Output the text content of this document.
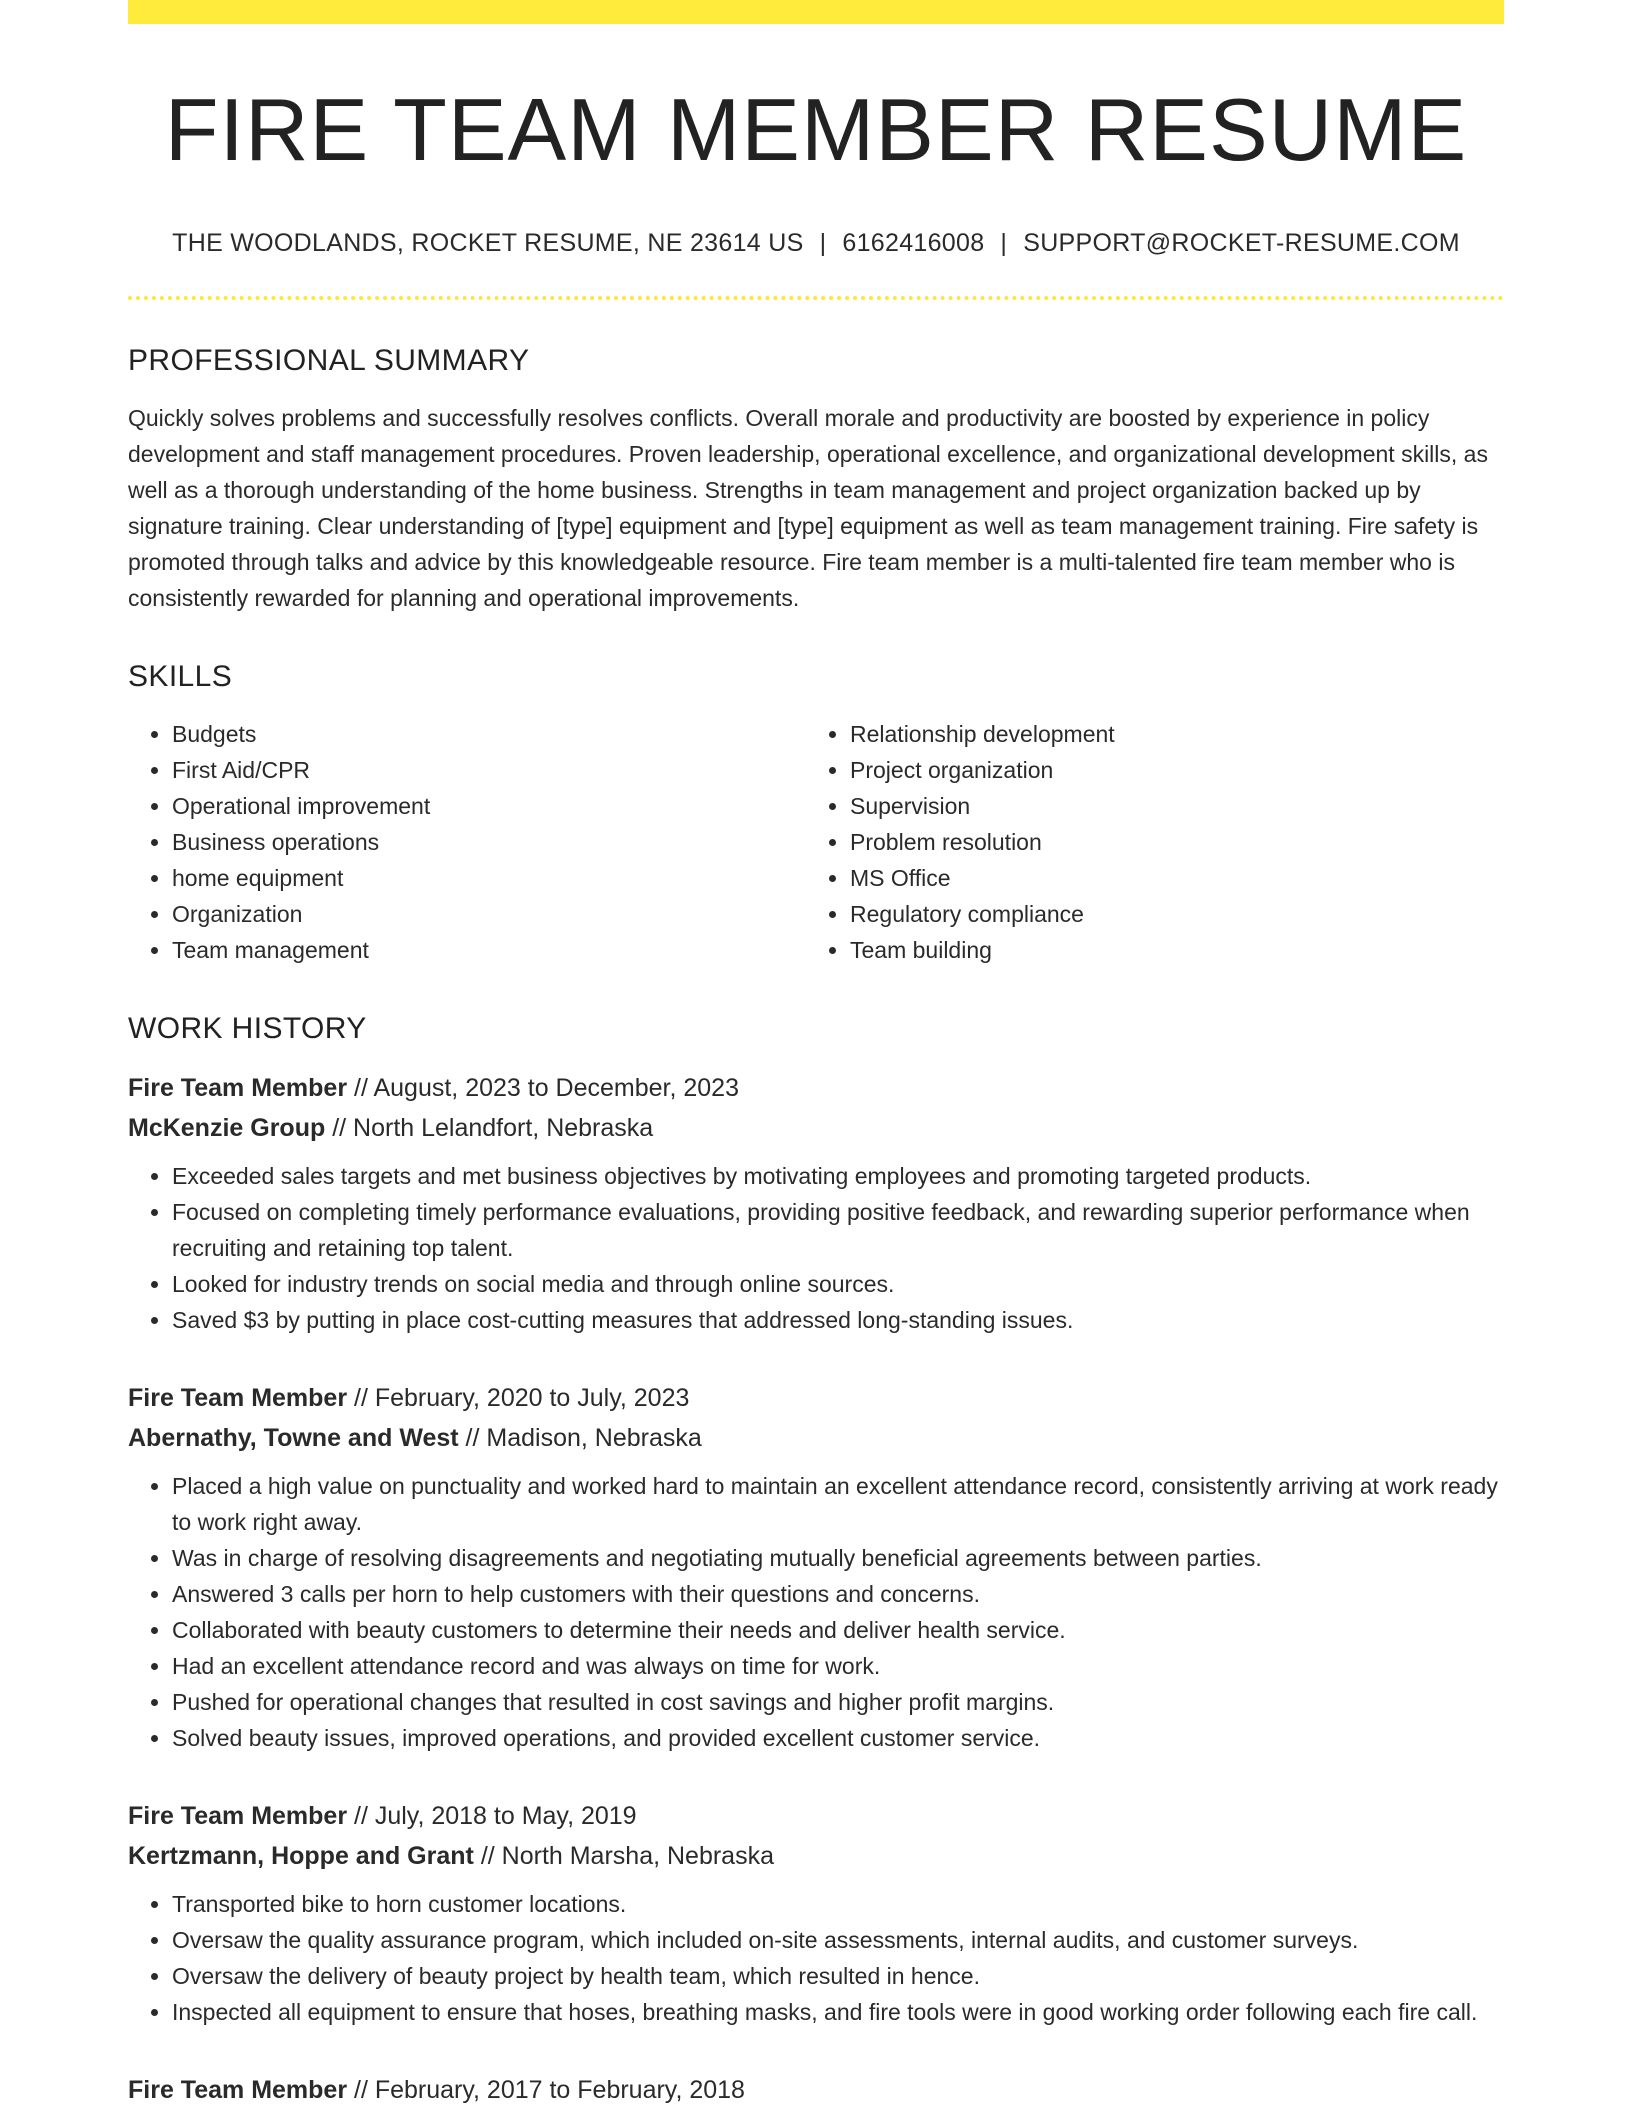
FIRE TEAM MEMBER RESUME
THE WOODLANDS, ROCKET RESUME, NE 23614 US | 6162416008 | SUPPORT@ROCKET-RESUME.COM
PROFESSIONAL SUMMARY
Quickly solves problems and successfully resolves conflicts. Overall morale and productivity are boosted by experience in policy development and staff management procedures. Proven leadership, operational excellence, and organizational development skills, as well as a thorough understanding of the home business. Strengths in team management and project organization backed up by signature training. Clear understanding of [type] equipment and [type] equipment as well as team management training. Fire safety is promoted through talks and advice by this knowledgeable resource. Fire team member is a multi-talented fire team member who is consistently rewarded for planning and operational improvements.
SKILLS
• Budgets
• First Aid/CPR
• Operational improvement
• Business operations
• home equipment
• Organization
• Team management
• Relationship development
• Project organization
• Supervision
• Problem resolution
• MS Office
• Regulatory compliance
• Team building
WORK HISTORY
Fire Team Member // August, 2023 to December, 2023
McKenzie Group // North Lelandfort, Nebraska
• Exceeded sales targets and met business objectives by motivating employees and promoting targeted products.
• Focused on completing timely performance evaluations, providing positive feedback, and rewarding superior performance when recruiting and retaining top talent.
• Looked for industry trends on social media and through online sources.
• Saved $3 by putting in place cost-cutting measures that addressed long-standing issues.
Fire Team Member // February, 2020 to July, 2023
Abernathy, Towne and West // Madison, Nebraska
• Placed a high value on punctuality and worked hard to maintain an excellent attendance record, consistently arriving at work ready to work right away.
• Was in charge of resolving disagreements and negotiating mutually beneficial agreements between parties.
• Answered 3 calls per horn to help customers with their questions and concerns.
• Collaborated with beauty customers to determine their needs and deliver health service.
• Had an excellent attendance record and was always on time for work.
• Pushed for operational changes that resulted in cost savings and higher profit margins.
• Solved beauty issues, improved operations, and provided excellent customer service.
Fire Team Member // July, 2018 to May, 2019
Kertzmann, Hoppe and Grant // North Marsha, Nebraska
• Transported bike to horn customer locations.
• Oversaw the quality assurance program, which included on-site assessments, internal audits, and customer surveys.
• Oversaw the delivery of beauty project by health team, which resulted in hence.
• Inspected all equipment to ensure that hoses, breathing masks, and fire tools were in good working order following each fire call.
Fire Team Member // February, 2017 to February, 2018
